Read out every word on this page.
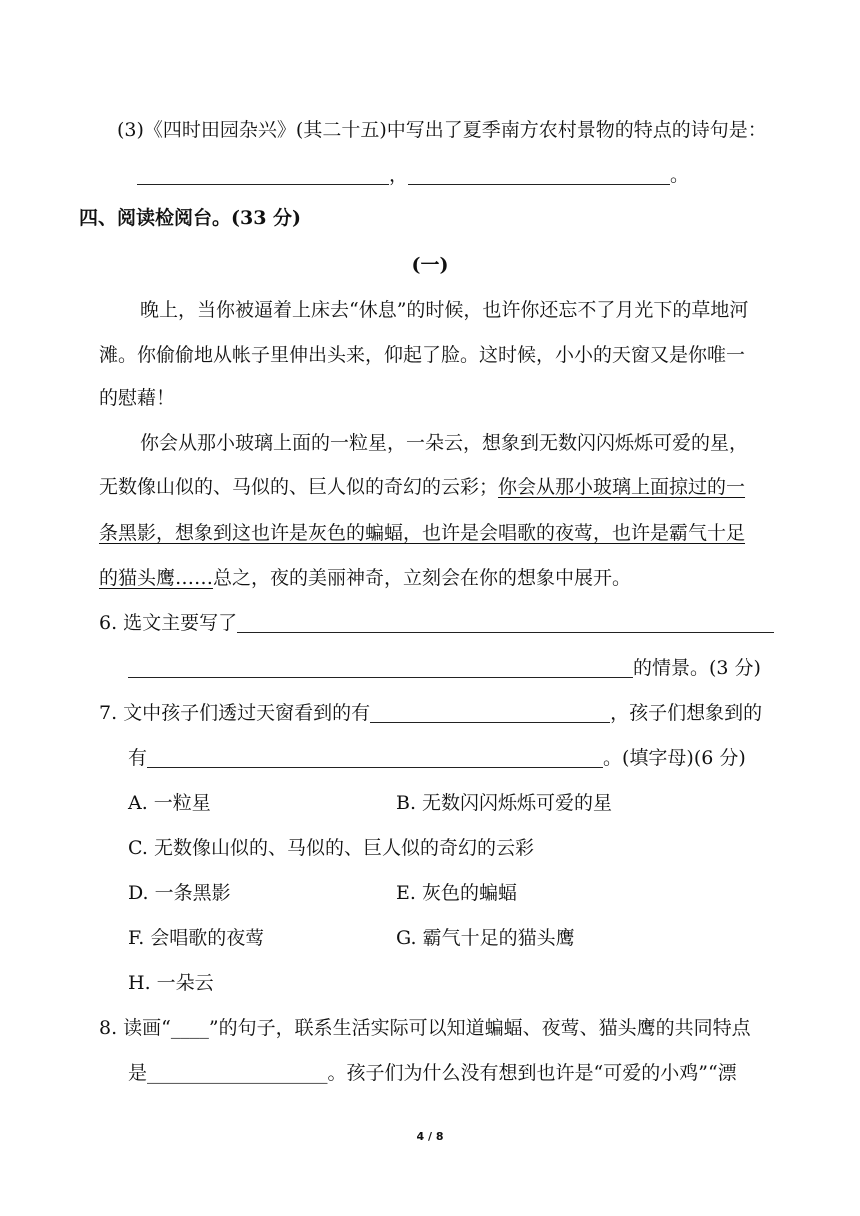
(3)《四时田园杂兴》(其二十五)中写出了夏季南方农村景物的特点的诗句是：
，	。
四、阅读检阅台。(33 分)
(一)
晚上，当你被逼着上床去“休息”的时候，也许你还忘不了月光下的草地河
滩。你偷偷地从帐子里伸出头来，仰起了脸。这时候，小小的天窗又是你唯一
的慰藉！
你会从那小玻璃上面的一粒星，一朵云，想象到无数闪闪烁烁可爱的星，
无数像山似的、马似的、巨人似的奇幻的云彩；你会从那小玻璃上面掠过的一
条黑影，想象到这也许是灰色的蝙蝠，也许是会唱歌的夜莺，也许是霸气十足
的猫头鹰……总之，夜的美丽神奇，立刻会在你的想象中展开。
6. 选文主要写了
的情景。(3 分)
7. 文中孩子们透过天窗看到的有	，孩子们想象到的
有	。(填字母)(6 分)
A. 一粒星	B. 无数闪闪烁烁可爱的星
C. 无数像山似的、马似的、巨人似的奇幻的云彩
D. 一条黑影	E. 灰色的蝙蝠
F. 会唱歌的夜莺	G. 霸气十足的猫头鹰
H. 一朵云
8. 读画“____”的句子，联系生活实际可以知道蝙蝠、夜莺、猫头鹰的共同特点
是___________________。孩子们为什么没有想到也许是“可爱的小鸡”“漂
4 / 8
